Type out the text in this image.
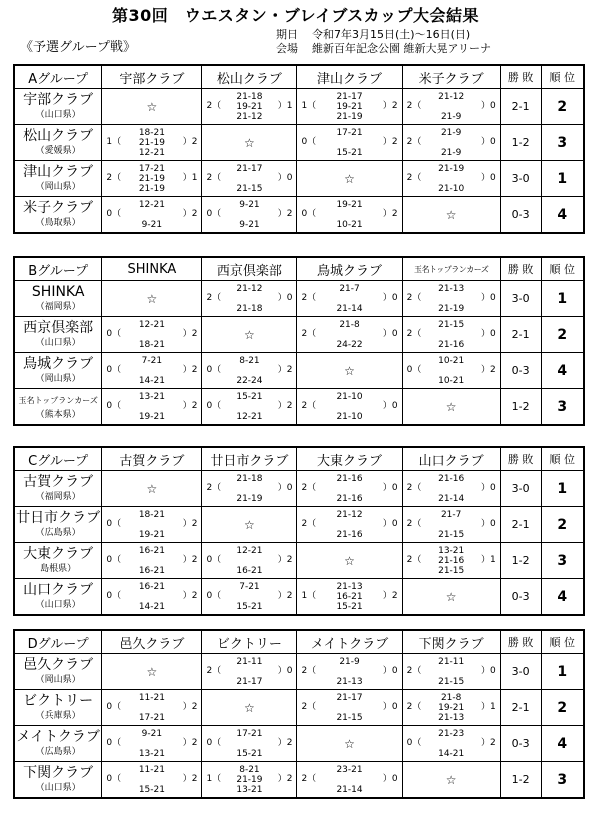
第30回　ウエスタン・ブレイブスカップ大会結果
《予選グループ戦》
期日 令和7年3月15日(土)～16日(日)
会場 維新百年記念公園 維新大晃アリーナ
Aグループ	宇部クラブ	松山クラブ	津山クラブ	米子クラブ	勝 敗	順 位

宇部クラブ
（山口県）	☆	2（ ）1
21-18
19-21
21-12	1（ ）2
21-17
19-21
21-19	2（ ）0
21-12
21-9	2-1	2

松山クラブ
（愛媛県）	1（ ）2
18-21
21-19
12-21	☆	0（ ）2
17-21
15-21	2（ ）0
21-9
21-9	1-2	3

津山クラブ
（岡山県）	2（ ）1
17-21
21-19
21-19	2（ ）0
21-17
21-15	☆	2（ ）0
21-19
21-10	3-0	1

米子クラブ
（鳥取県）	0（ ）2
12-21
9-21	0（ ）2
9-21
9-21	0（ ）2
19-21
10-21	☆	0-3	4
Bグループ	SHINKA	西京倶楽部	鳥城クラブ	玉名トップランカーズ	勝 敗	順 位

SHINKA
（福岡県）	☆	2（ ）0
21-12
21-18	2（ ）0
21-7
21-14	2（ ）0
21-13
21-19	3-0	1

西京倶楽部
（山口県）	0（ ）2
12-21
18-21	☆	2（ ）0
21-8
24-22	2（ ）0
21-15
21-16	2-1	2

鳥城クラブ
（岡山県）	0（ ）2
7-21
14-21	0（ ）2
8-21
22-24	☆	0（ ）2
10-21
10-21	0-3	4

玉名トップランカーズ
（熊本県）	0（ ）2
13-21
19-21	0（ ）2
15-21
12-21	2（ ）0
21-10
21-10	☆	1-2	3
Cグループ	古賀クラブ	廿日市クラブ	大東クラブ	山口クラブ	勝 敗	順 位

古賀クラブ
（福岡県）	☆	2（ ）0
21-18
21-19	2（ ）0
21-16
21-16	2（ ）0
21-16
21-14	3-0	1

廿日市クラブ
（広島県）	0（ ）2
18-21
19-21	☆	2（ ）0
21-12
21-16	2（ ）0
21-7
21-15	2-1	2

大東クラブ
島根県）	0（ ）2
16-21
16-21	0（ ）2
12-21
16-21	☆	2（ ）1
13-21
21-16
21-15	1-2	3

山口クラブ
（山口県）	0（ ）2
16-21
14-21	0（ ）2
7-21
15-21	1（ ）2
21-13
16-21
15-21	☆	0-3	4
Dグループ	邑久クラブ	ビクトリー	メイトクラブ	下関クラブ	勝 敗	順 位

邑久クラブ
（岡山県）	☆	2（ ）0
21-11
21-17	2（ ）0
21-9
21-13	2（ ）0
21-11
21-15	3-0	1

ビクトリー
（兵庫県）	0（ ）2
11-21
17-21	☆	2（ ）0
21-17
21-15	2（ ）1
21-8
19-21
21-13	2-1	2

メイトクラブ
（広島県）	0（ ）2
9-21
13-21	0（ ）2
17-21
15-21	☆	0（ ）2
21-23
14-21	0-3	4

下関クラブ
（山口県）	0（ ）2
11-21
15-21	1（ ）2
8-21
21-19
13-21	2（ ）0
23-21
21-14	☆	1-2	3
